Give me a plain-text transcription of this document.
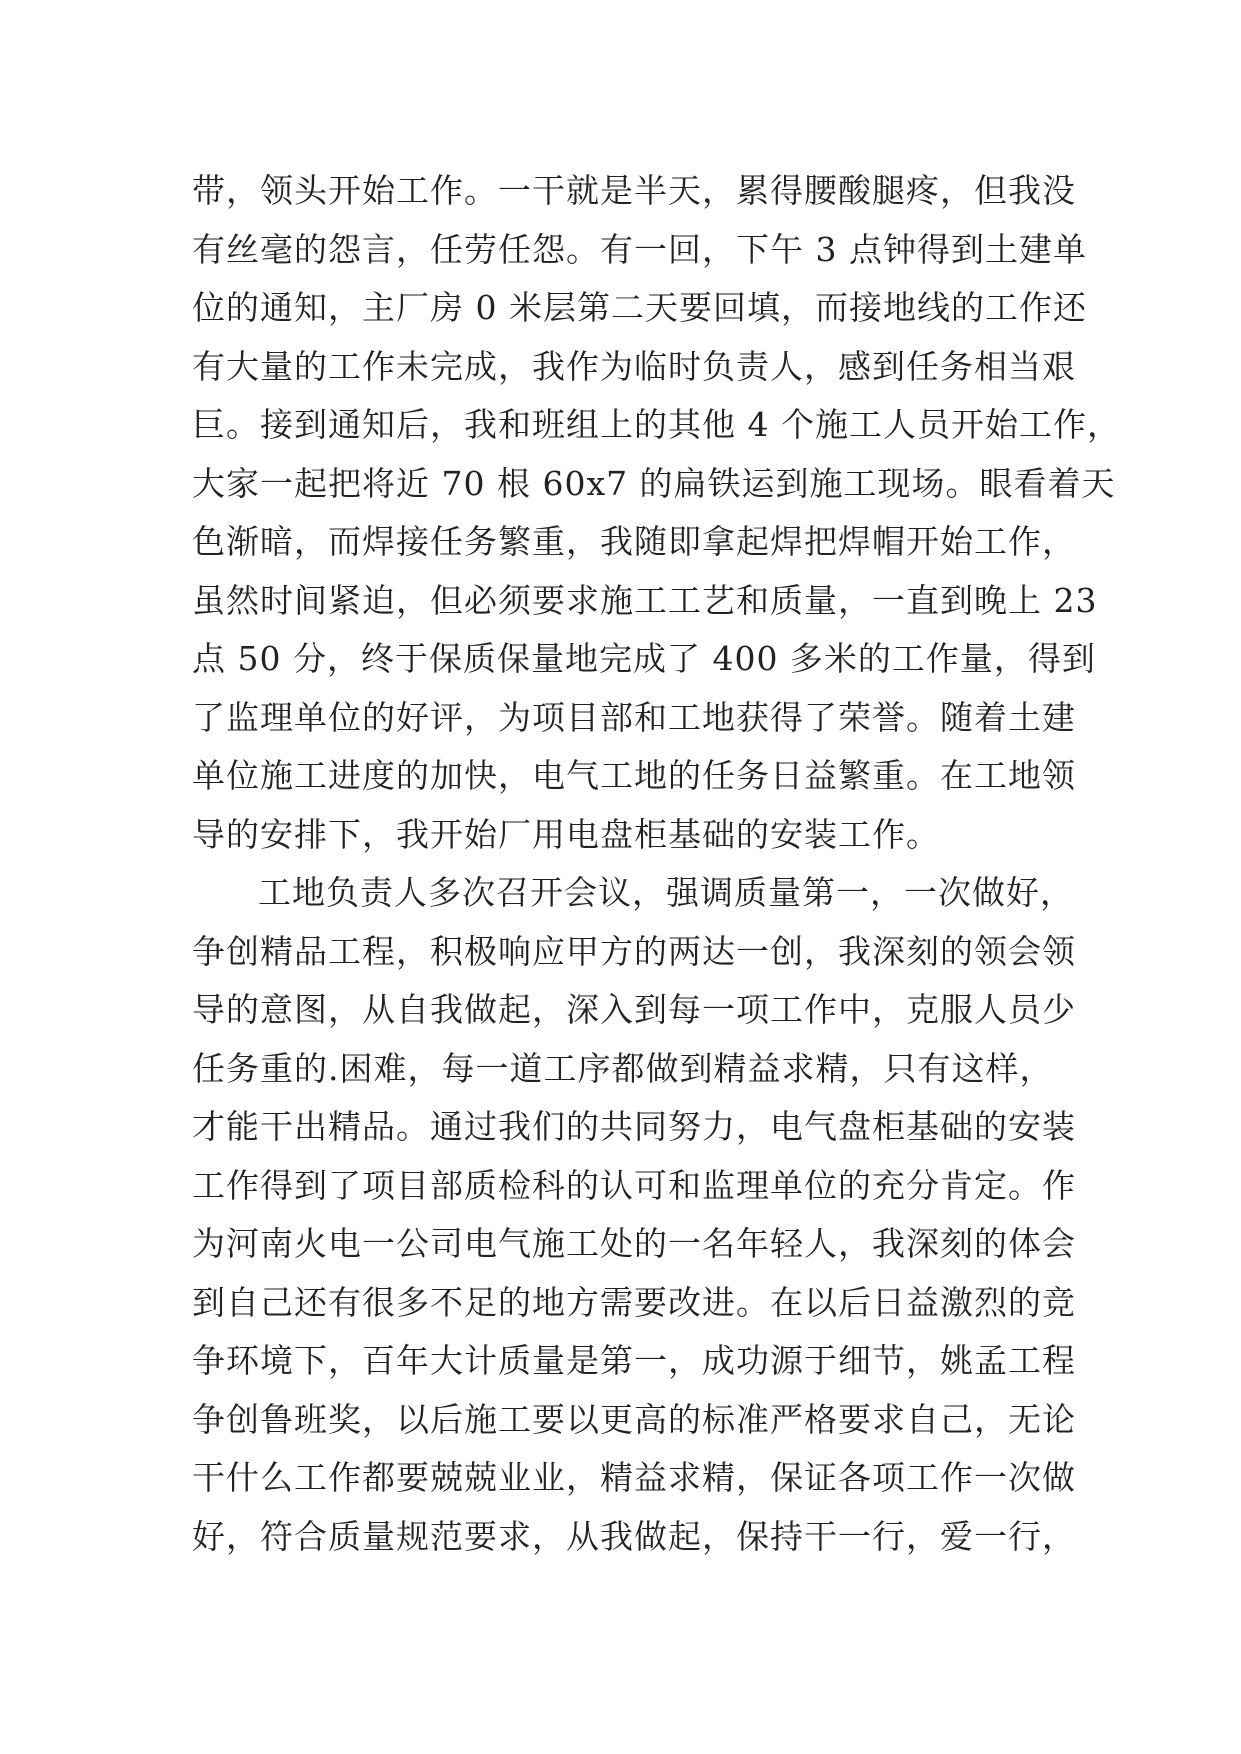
带，领头开始工作。一干就是半天，累得腰酸腿疼，但我没
有丝毫的怨言，任劳任怨。有一回，下午 3 点钟得到土建单
位的通知，主厂房 0 米层第二天要回填，而接地线的工作还
有大量的工作未完成，我作为临时负责人，感到任务相当艰
巨。接到通知后，我和班组上的其他 4 个施工人员开始工作，
大家一起把将近 70 根 60x7 的扁铁运到施工现场。眼看着天
色渐暗，而焊接任务繁重，我随即拿起焊把焊帽开始工作，
虽然时间紧迫，但必须要求施工工艺和质量，一直到晚上 23
点 50 分，终于保质保量地完成了 400 多米的工作量，得到
了监理单位的好评，为项目部和工地获得了荣誉。随着土建
单位施工进度的加快，电气工地的任务日益繁重。在工地领
导的安排下，我开始厂用电盘柜基础的安装工作。
工地负责人多次召开会议，强调质量第一，一次做好，
争创精品工程，积极响应甲方的两达一创，我深刻的领会领
导的意图，从自我做起，深入到每一项工作中，克服人员少
任务重的.困难，每一道工序都做到精益求精，只有这样，
才能干出精品。通过我们的共同努力，电气盘柜基础的安装
工作得到了项目部质检科的认可和监理单位的充分肯定。作
为河南火电一公司电气施工处的一名年轻人，我深刻的体会
到自己还有很多不足的地方需要改进。在以后日益激烈的竞
争环境下，百年大计质量是第一，成功源于细节，姚孟工程
争创鲁班奖，以后施工要以更高的标准严格要求自己，无论
干什么工作都要兢兢业业，精益求精，保证各项工作一次做
好，符合质量规范要求，从我做起，保持干一行，爱一行，
